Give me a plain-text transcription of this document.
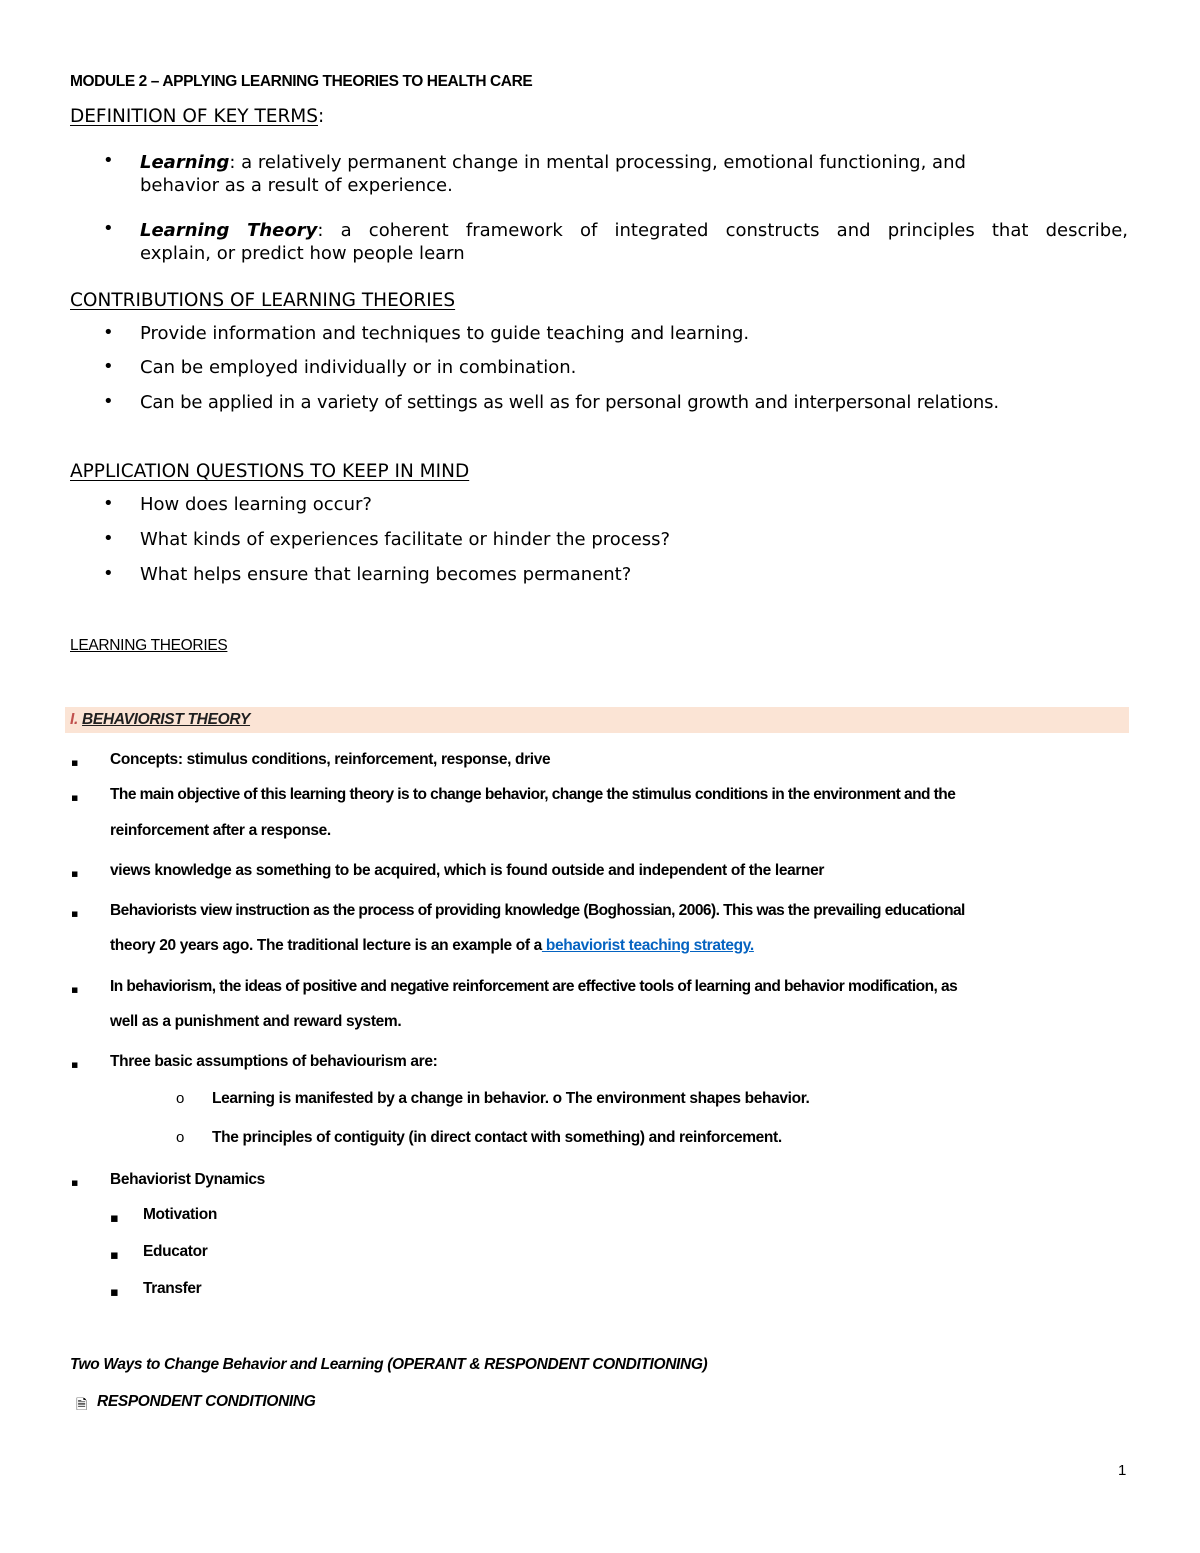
MODULE 2 – APPLYING LEARNING THEORIES TO HEALTH CARE
DEFINITION OF KEY TERMS:
• Learning: a relatively permanent change in mental processing, emotional functioning, and
behavior as a result of experience.
• Learning Theory: a coherent framework of integrated constructs and principles that describe,
explain, or predict how people learn
CONTRIBUTIONS OF LEARNING THEORIES
• Provide information and techniques to guide teaching and learning.
• Can be employed individually or in combination.
• Can be applied in a variety of settings as well as for personal growth and interpersonal relations.
APPLICATION QUESTIONS TO KEEP IN MIND
• How does learning occur?
• What kinds of experiences facilitate or hinder the process?
• What helps ensure that learning becomes permanent?
LEARNING THEORIES
I. BEHAVIORIST THEORY
▪ Concepts: stimulus conditions, reinforcement, response, drive
▪ The main objective of this learning theory is to change behavior, change the stimulus conditions in the environment and the
reinforcement after a response.
▪ views knowledge as something to be acquired, which is found outside and independent of the learner
▪ Behaviorists view instruction as the process of providing knowledge (Boghossian, 2006). This was the prevailing educational
theory 20 years ago. The traditional lecture is an example of a behaviorist teaching strategy.
▪ In behaviorism, the ideas of positive and negative reinforcement are effective tools of learning and behavior modification, as
well as a punishment and reward system.
▪ Three basic assumptions of behaviourism are:
o Learning is manifested by a change in behavior. o The environment shapes behavior.
o The principles of contiguity (in direct contact with something) and reinforcement.
▪ Behaviorist Dynamics
▪ Motivation
▪ Educator
▪ Transfer
Two Ways to Change Behavior and Learning (OPERANT & RESPONDENT CONDITIONING)
🗎 RESPONDENT CONDITIONING
1
